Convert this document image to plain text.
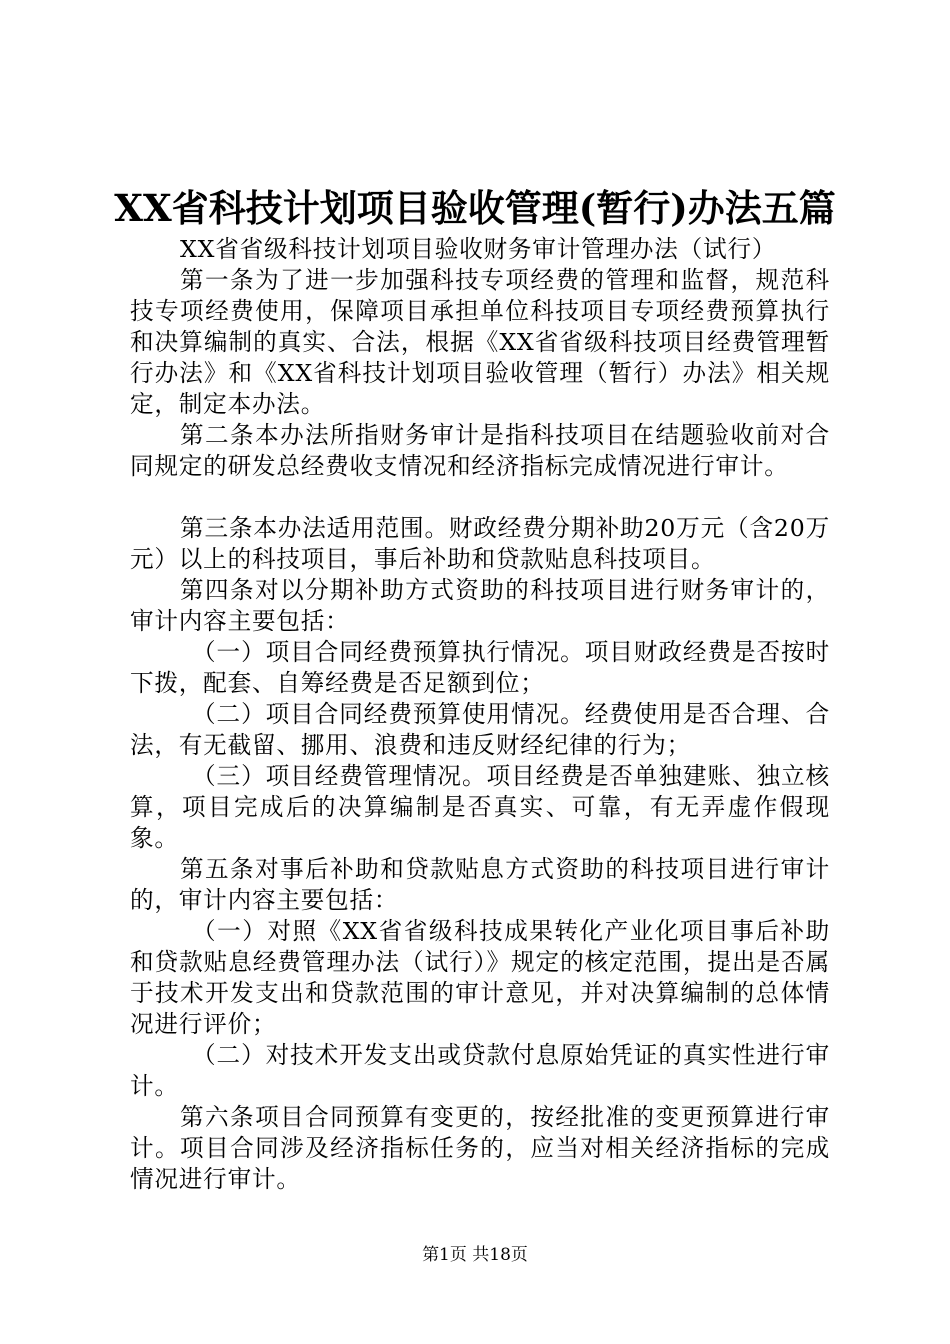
XX省科技计划项目验收管理(暂行)办法五篇

XX省省级科技计划项目验收财务审计管理办法（试行）

第一条为了进一步加强科技专项经费的管理和监督，规范科技专项经费使用，保障项目承担单位科技项目专项经费预算执行和决算编制的真实、合法，根据《XX省省级科技项目经费管理暂行办法》和《XX省科技计划项目验收管理（暂行）办法》相关规定，制定本办法。

第二条本办法所指财务审计是指科技项目在结题验收前对合同规定的研发总经费收支情况和经济指标完成情况进行审计。

第三条本办法适用范围。财政经费分期补助20万元（含20万元）以上的科技项目，事后补助和贷款贴息科技项目。

第四条对以分期补助方式资助的科技项目进行财务审计的，审计内容主要包括：

（一）项目合同经费预算执行情况。项目财政经费是否按时下拨，配套、自筹经费是否足额到位；

（二）项目合同经费预算使用情况。经费使用是否合理、合法，有无截留、挪用、浪费和违反财经纪律的行为；

（三）项目经费管理情况。项目经费是否单独建账、独立核算，项目完成后的决算编制是否真实、可靠，有无弄虚作假现象。

第五条对事后补助和贷款贴息方式资助的科技项目进行审计的，审计内容主要包括：

（一）对照《XX省省级科技成果转化产业化项目事后补助和贷款贴息经费管理办法（试行）》规定的核定范围，提出是否属于技术开发支出和贷款范围的审计意见，并对决算编制的总体情况进行评价；

（二）对技术开发支出或贷款付息原始凭证的真实性进行审计。

第六条项目合同预算有变更的，按经批准的变更预算进行审计。项目合同涉及经济指标任务的，应当对相关经济指标的完成情况进行审计。

第1页 共18页
